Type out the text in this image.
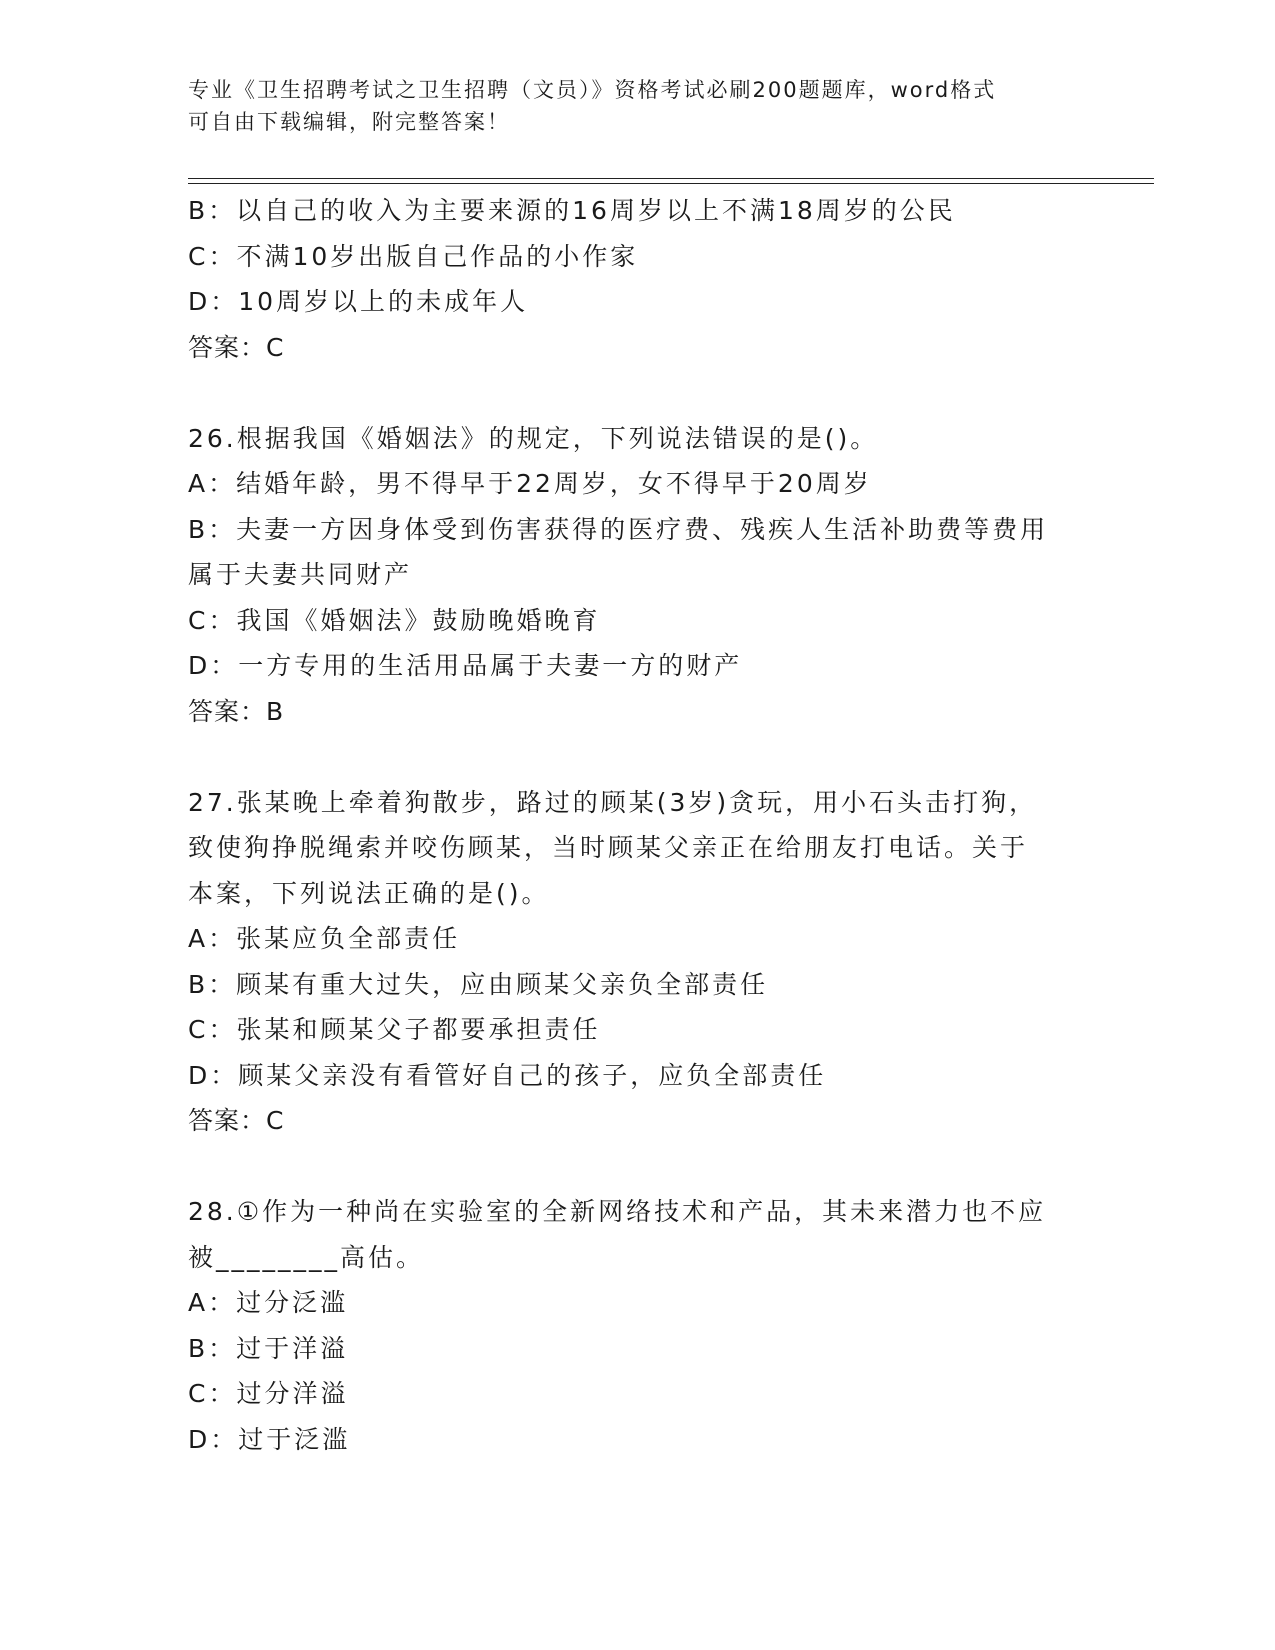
专业《卫生招聘考试之卫生招聘（文员）》资格考试必刷200题题库，word格式
可自由下载编辑，附完整答案！
B：以自己的收入为主要来源的16周岁以上不满18周岁的公民
C：不满10岁出版自己作品的小作家
D：10周岁以上的未成年人
答案：C
26.根据我国《婚姻法》的规定，下列说法错误的是()。
A：结婚年龄，男不得早于22周岁，女不得早于20周岁
B：夫妻一方因身体受到伤害获得的医疗费、残疾人生活补助费等费用
属于夫妻共同财产
C：我国《婚姻法》鼓励晚婚晚育
D：一方专用的生活用品属于夫妻一方的财产
答案：B
27.张某晚上牵着狗散步，路过的顾某(3岁)贪玩，用小石头击打狗，
致使狗挣脱绳索并咬伤顾某，当时顾某父亲正在给朋友打电话。关于
本案，下列说法正确的是()。
A：张某应负全部责任
B：顾某有重大过失，应由顾某父亲负全部责任
C：张某和顾某父子都要承担责任
D：顾某父亲没有看管好自己的孩子，应负全部责任
答案：C
28.①作为一种尚在实验室的全新网络技术和产品，其未来潜力也不应
被________高估。
A：过分泛滥
B：过于洋溢
C：过分洋溢
D：过于泛滥
